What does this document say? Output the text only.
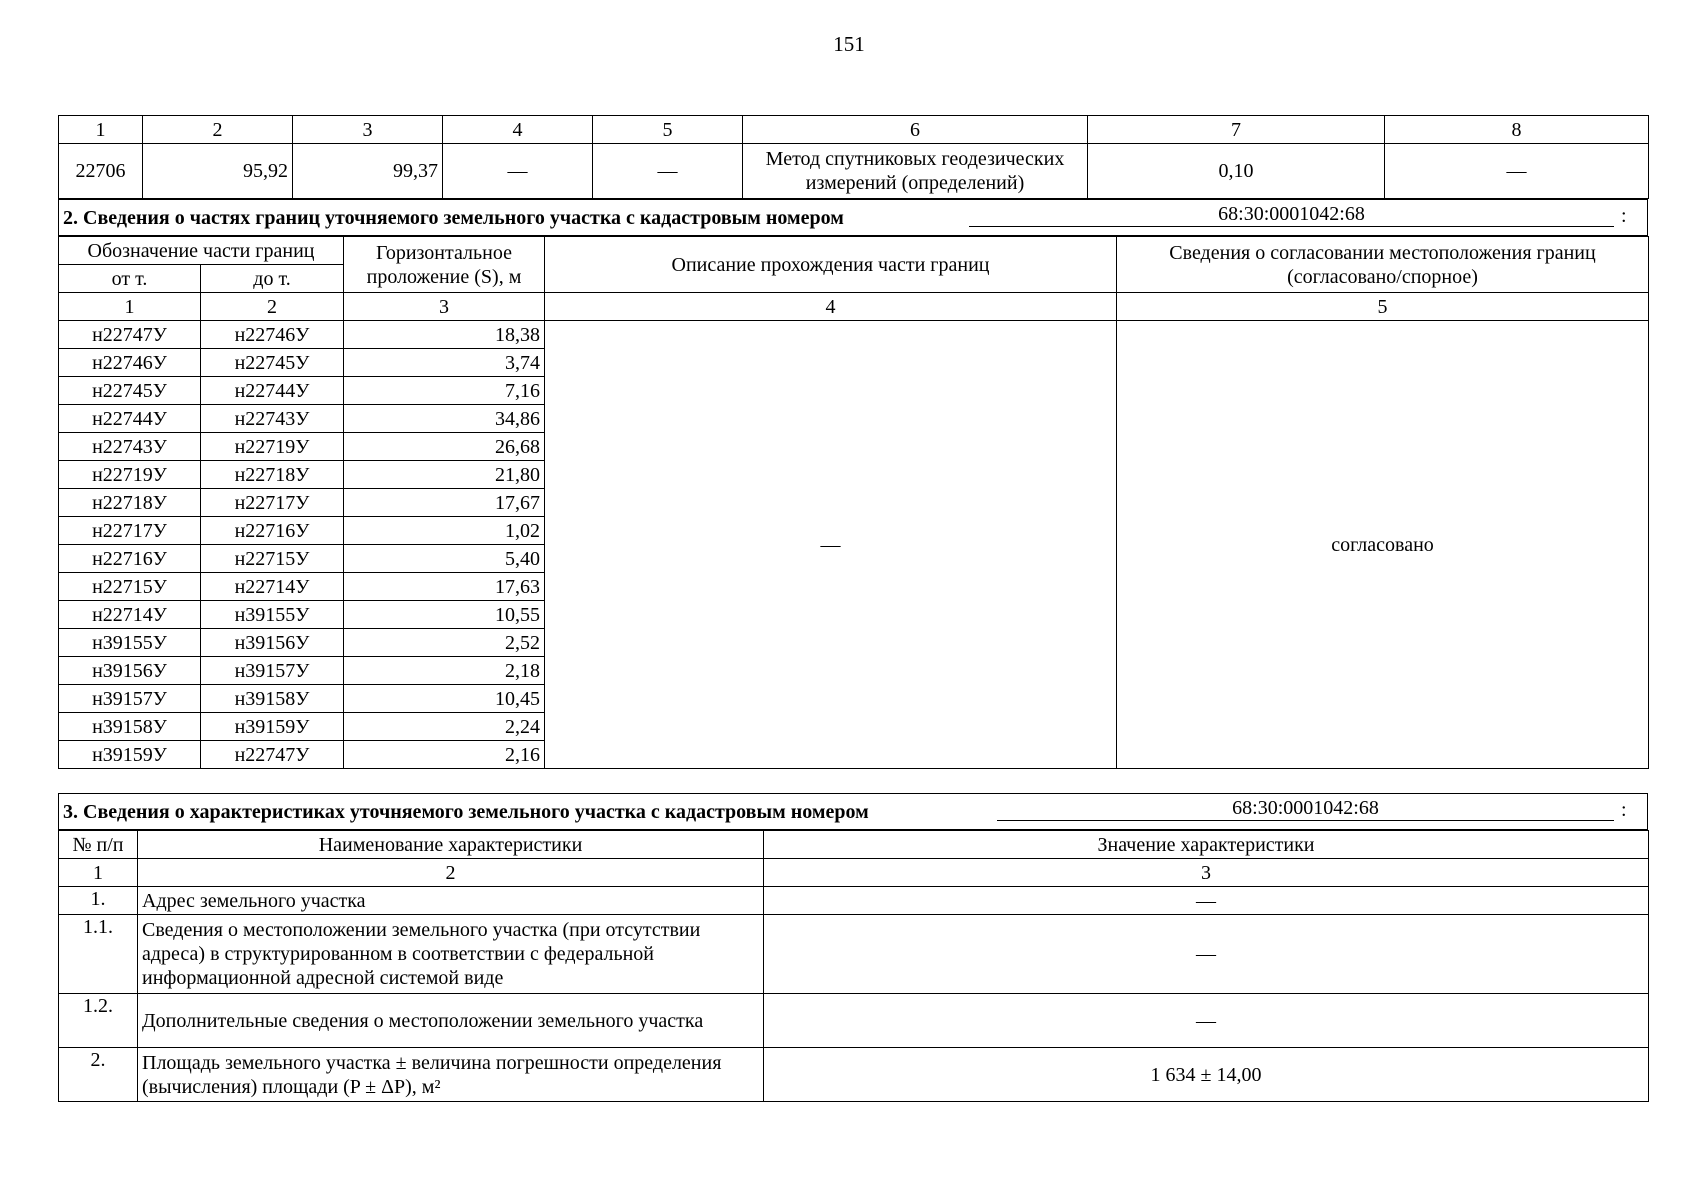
151
1	2	3	4	5	6	7	8
22706	95,92	99,37	—	—	Метод спутниковых геодезических измерений (определений)	0,10	—
2. Сведения о частях границ уточняемого земельного участка с кадастровым номером	68:30:0001042:68	:
Обозначение части границ		Горизонтальное проложение (S), м	Описание прохождения части границ	Сведения о согласовании местоположения границ (согласовано/спорное)
от т.	до т.			
1	2	3	4	5
н22747У	н22746У	18,38	—	согласовано
н22746У	н22745У	3,74		
н22745У	н22744У	7,16		
н22744У	н22743У	34,86		
н22743У	н22719У	26,68		
н22719У	н22718У	21,80		
н22718У	н22717У	17,67		
н22717У	н22716У	1,02		
н22716У	н22715У	5,40		
н22715У	н22714У	17,63		
н22714У	н39155У	10,55		
н39155У	н39156У	2,52		
н39156У	н39157У	2,18		
н39157У	н39158У	10,45		
н39158У	н39159У	2,24		
н39159У	н22747У	2,16		
3. Сведения о характеристиках уточняемого земельного участка с кадастровым номером	68:30:0001042:68	:
№ п/п	Наименование характеристики	Значение характеристики
1	2	3
1.	Адрес земельного участка	—
1.1.	Сведения о местоположении земельного участка (при отсутствии адреса) в структурированном в соответствии с федеральной информационной адресной системой виде	—
1.2.	Дополнительные сведения о местоположении земельного участка	—
2.	Площадь земельного участка ± величина погрешности определения (вычисления) площади (P ± ΔP), м²	1 634 ± 14,00
